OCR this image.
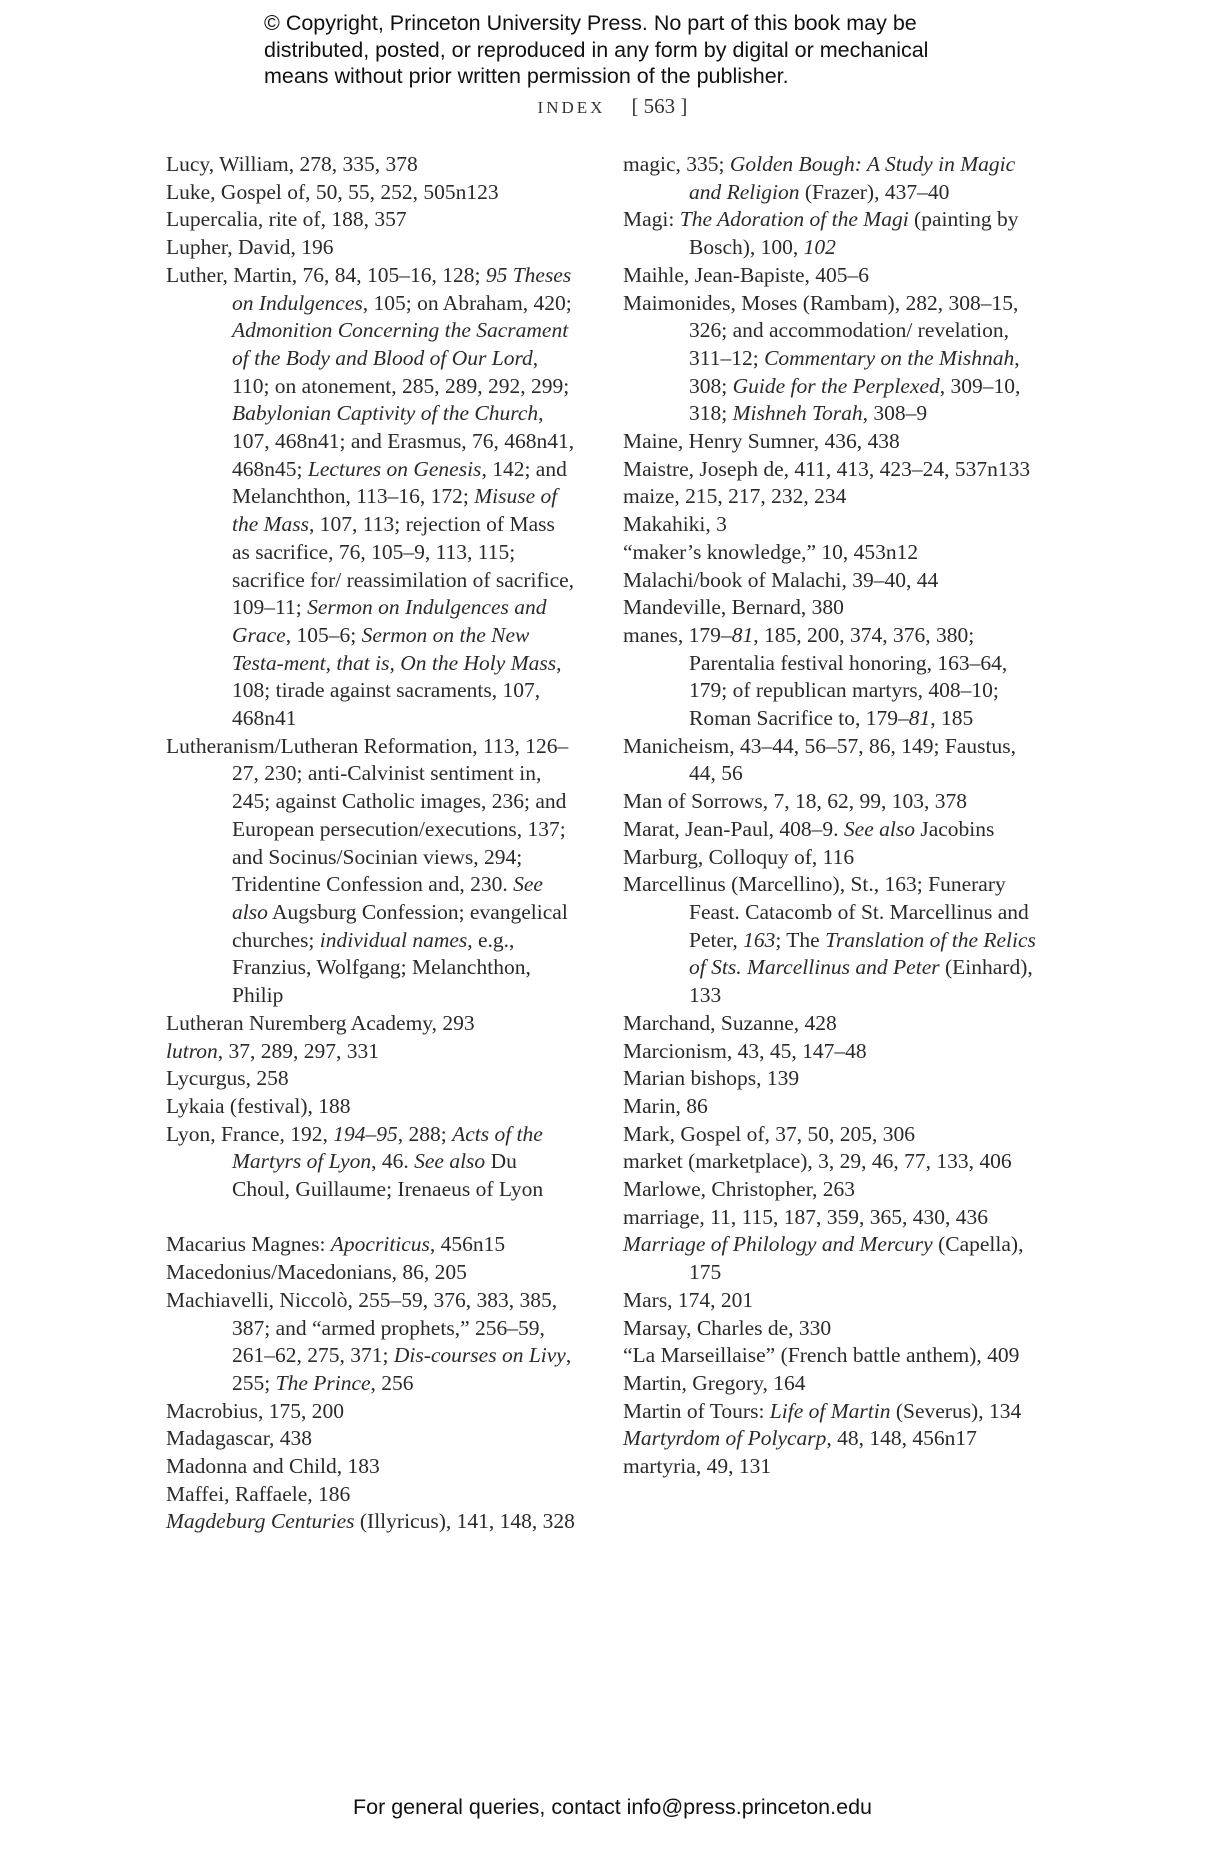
© Copyright, Princeton University Press. No part of this book may be
distributed, posted, or reproduced in any form by digital or mechanical
means without prior written permission of the publisher.
INDEX [ 563 ]
Lucy, William, 278, 335, 378
Luke, Gospel of, 50, 55, 252, 505n123
Lupercalia, rite of, 188, 357
Lupher, David, 196
Luther, Martin, 76, 84, 105–16, 128; 95 Theses on Indulgences, 105; on Abraham, 420; Admonition Concerning the Sacrament of the Body and Blood of Our Lord, 110; on atonement, 285, 289, 292, 299; Babylonian Captivity of the Church, 107, 468n41; and Erasmus, 76, 468n41, 468n45; Lectures on Genesis, 142; and Melanchthon, 113–16, 172; Misuse of the Mass, 107, 113; rejection of Mass as sacrifice, 76, 105–9, 113, 115; sacrifice for/ reassimilation of sacrifice, 109–11; Sermon on Indulgences and Grace, 105–6; Sermon on the New Testa-ment, that is, On the Holy Mass, 108; tirade against sacraments, 107, 468n41
Lutheranism/Lutheran Reformation, 113, 126–27, 230; anti-Calvinist sentiment in, 245; against Catholic images, 236; and European persecution/executions, 137; and Socinus/Socinian views, 294; Tridentine Confession and, 230. See also Augsburg Confession; evangelical churches; individual names, e.g., Franzius, Wolfgang; Melanchthon, Philip
Lutheran Nuremberg Academy, 293
lutron, 37, 289, 297, 331
Lycurgus, 258
Lykaia (festival), 188
Lyon, France, 192, 194–95, 288; Acts of the Martyrs of Lyon, 46. See also Du Choul, Guillaume; Irenaeus of Lyon
Macarius Magnes: Apocriticus, 456n15
Macedonius/Macedonians, 86, 205
Machiavelli, Niccolò, 255–59, 376, 383, 385, 387; and “armed prophets,” 256–59, 261–62, 275, 371; Dis-courses on Livy, 255; The Prince, 256
Macrobius, 175, 200
Madagascar, 438
Madonna and Child, 183
Maffei, Raffaele, 186
Magdeburg Centuries (Illyricus), 141, 148, 328
magic, 335; Golden Bough: A Study in Magic and Religion (Frazer), 437–40
Magi: The Adoration of the Magi (painting by Bosch), 100, 102
Maihle, Jean-Bapiste, 405–6
Maimonides, Moses (Rambam), 282, 308–15, 326; and accommodation/ revelation, 311–12; Commentary on the Mishnah, 308; Guide for the Perplexed, 309–10, 318; Mishneh Torah, 308–9
Maine, Henry Sumner, 436, 438
Maistre, Joseph de, 411, 413, 423–24, 537n133
maize, 215, 217, 232, 234
Makahiki, 3
“maker’s knowledge,” 10, 453n12
Malachi/book of Malachi, 39–40, 44
Mandeville, Bernard, 380
manes, 179–81, 185, 200, 374, 376, 380; Parentalia festival honoring, 163–64, 179; of republican martyrs, 408–10; Roman Sacrifice to, 179–81, 185
Manicheism, 43–44, 56–57, 86, 149; Faustus, 44, 56
Man of Sorrows, 7, 18, 62, 99, 103, 378
Marat, Jean-Paul, 408–9. See also Jacobins
Marburg, Colloquy of, 116
Marcellinus (Marcellino), St., 163; Funerary Feast. Catacomb of St. Marcellinus and Peter, 163; The Translation of the Relics of Sts. Marcellinus and Peter (Einhard), 133
Marchand, Suzanne, 428
Marcionism, 43, 45, 147–48
Marian bishops, 139
Marin, 86
Mark, Gospel of, 37, 50, 205, 306
market (marketplace), 3, 29, 46, 77, 133, 406
Marlowe, Christopher, 263
marriage, 11, 115, 187, 359, 365, 430, 436
Marriage of Philology and Mercury (Capella), 175
Mars, 174, 201
Marsay, Charles de, 330
“La Marseillaise” (French battle anthem), 409
Martin, Gregory, 164
Martin of Tours: Life of Martin (Severus), 134
Martyrdom of Polycarp, 48, 148, 456n17
martyria, 49, 131
For general queries, contact info@press.princeton.edu
